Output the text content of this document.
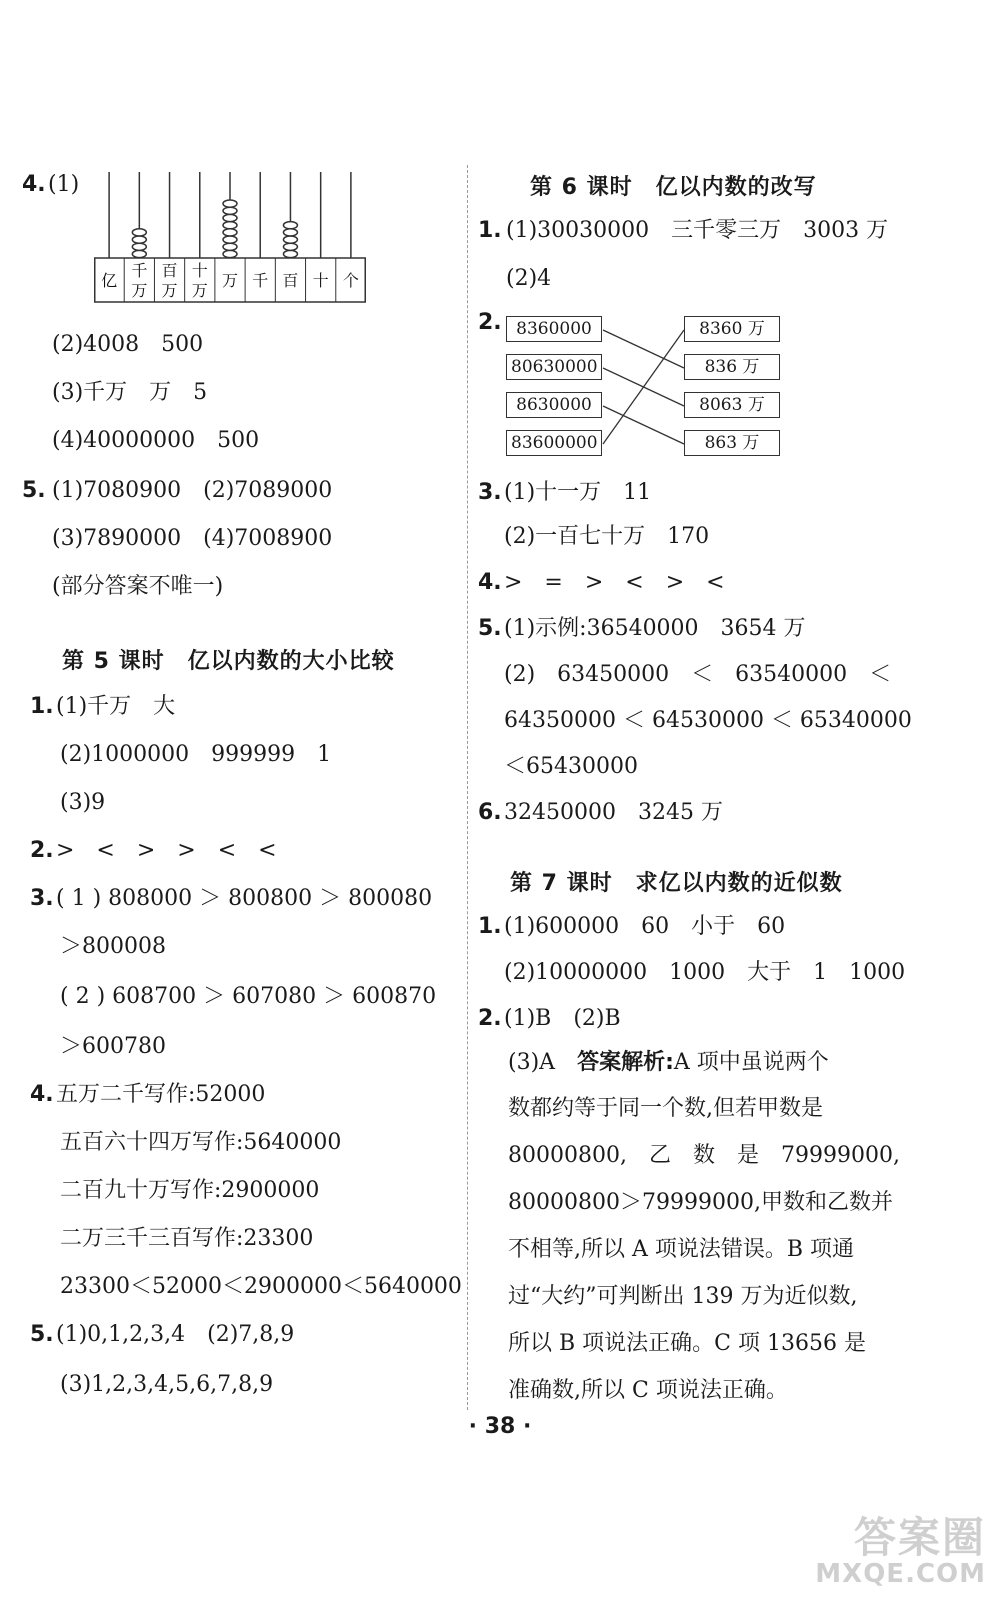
4. (1)
亿
千
万
百
万
十
万
万 千 百 十 个
(2)4008　500
(3)千万　万　5
(4)40000000　500
5. (1)7080900　(2)7089000
(3)7890000　(4)7008900
(部分答案不唯一)
第 5 课时　亿以内数的大小比较
1. (1)千万　大
(2)1000000　999999　1
(3)9
2. >　<　>　>　<　<
3. ( 1 ) 808000 ＞ 800800 ＞ 800080
＞800008
( 2 ) 608700 ＞ 607080 ＞ 600870
＞600780
4. 五万二千写作:52000
五百六十四万写作:5640000
二百九十万写作:2900000
二万三千三百写作:23300
23300＜52000＜2900000＜5640000
5. (1)0,1,2,3,4　(2)7,8,9
(3)1,2,3,4,5,6,7,8,9
第 6 课时　亿以内数的改写
1. (1)30030000　三千零三万　3003 万
(2)4
2. 8360000
80630000
8630000
83600000
8360 万
836 万
8063 万
863 万
3. (1)十一万　11
(2)一百七十万　170
4. >　=　>　<　>　<
5. (1)示例:36540000　3654 万
(2)　63450000　＜　63540000　＜
64350000 ＜ 64530000 ＜ 65340000
＜65430000
6. 32450000　3245 万
第 7 课时　求亿以内数的近似数
1. (1)600000　60　小于　60
(2)10000000　1000　大于　1　1000
2. (1)B　(2)B
(3)A　答案解析:A 项中虽说两个
数都约等于同一个数,但若甲数是
80000800,　乙　数　是　79999000,
80000800＞79999000,甲数和乙数并
不相等,所以 A 项说法错误。B 项通
过“大约”可判断出 139 万为近似数,
所以 B 项说法正确。C 项 13656 是
准确数,所以 C 项说法正确。
· 38 ·
答案圈
MXQE.COM
